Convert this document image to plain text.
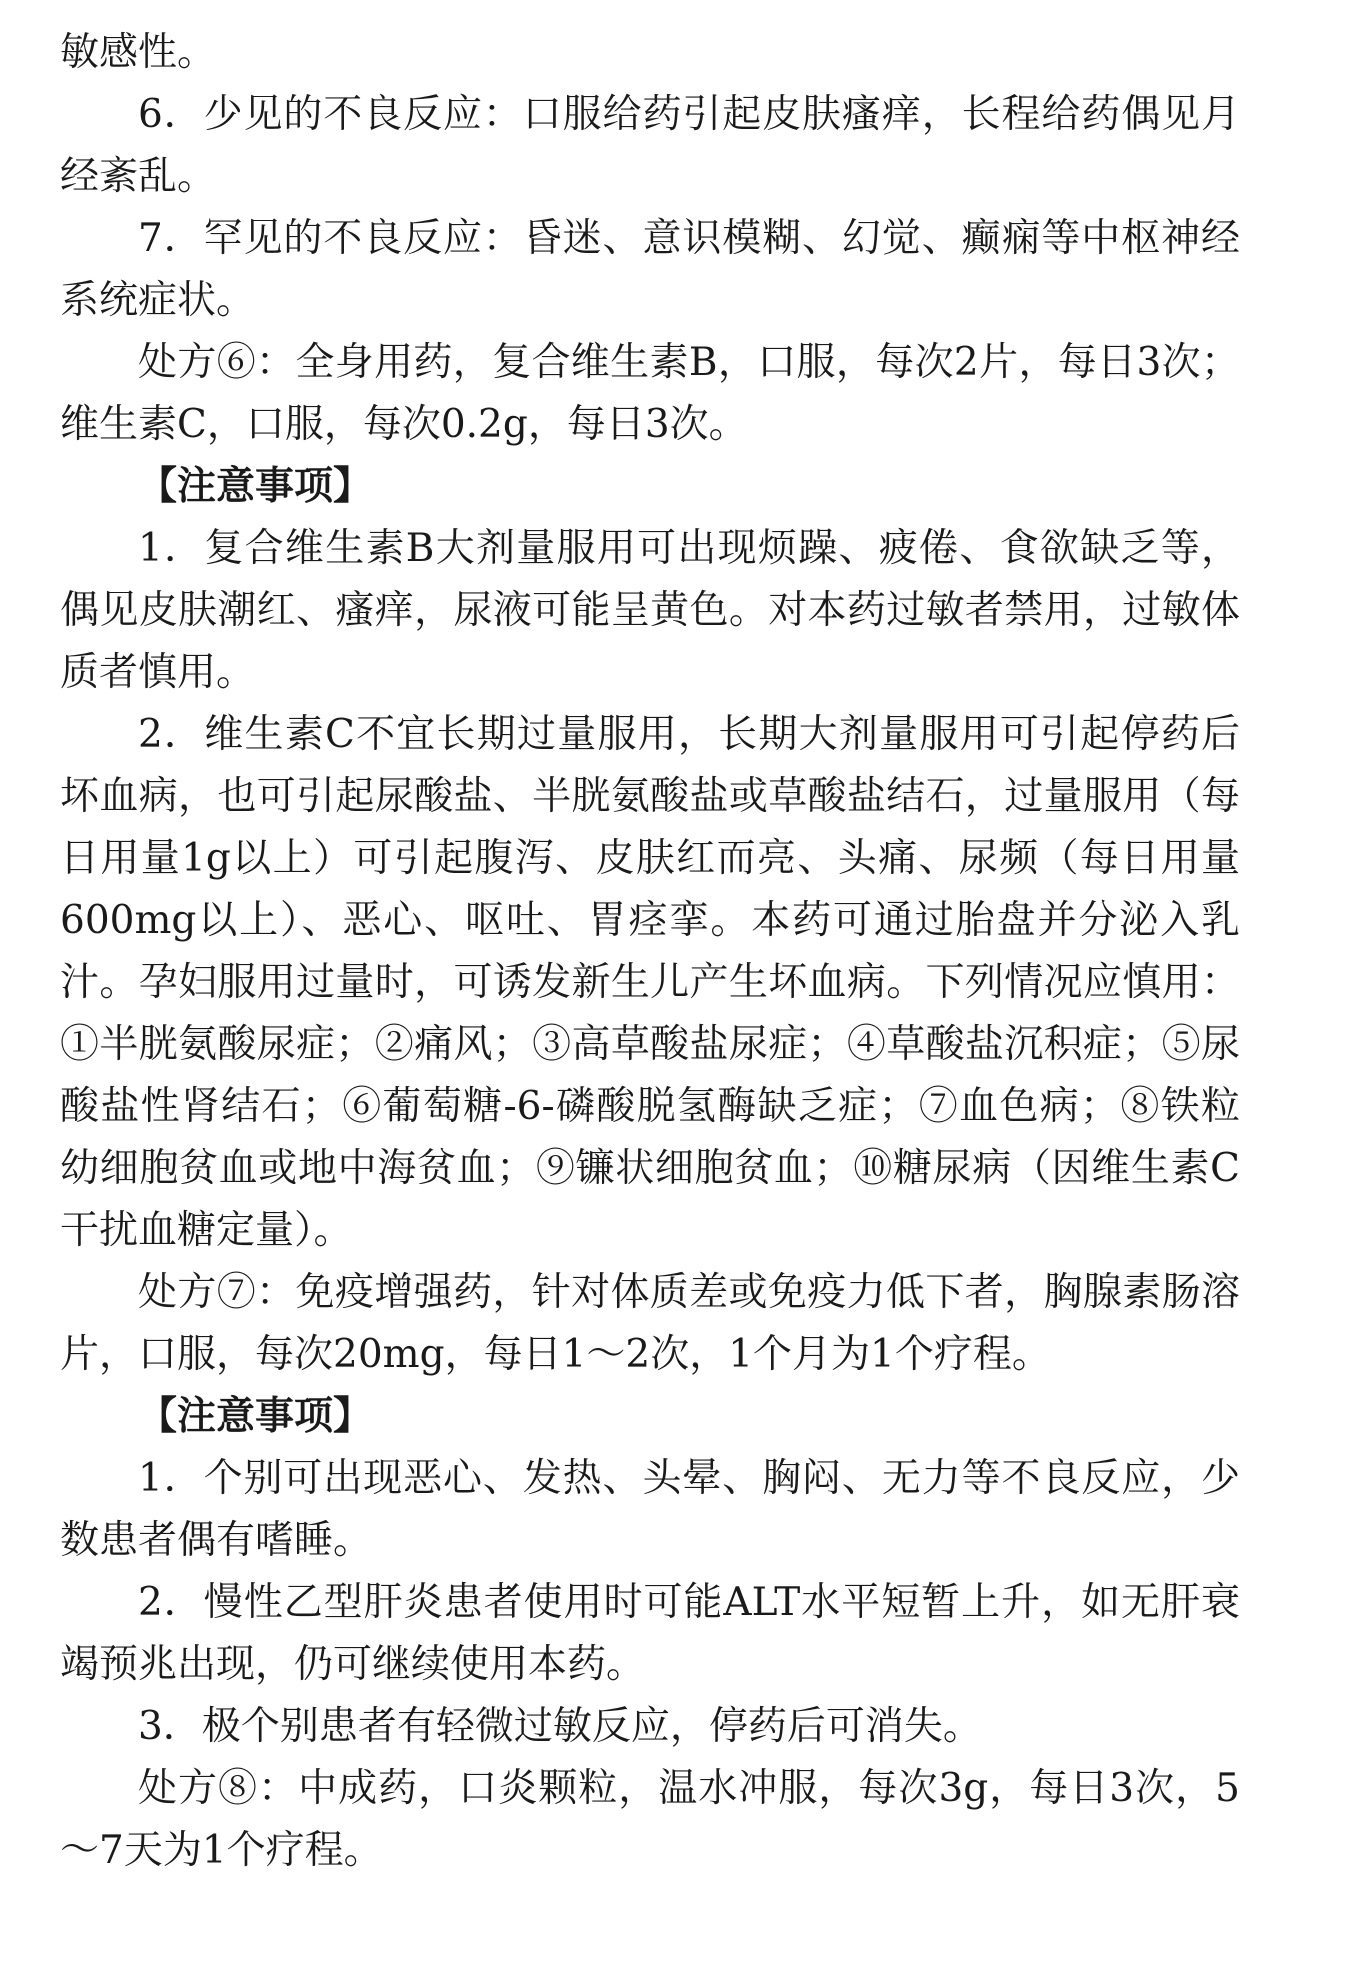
敏感性。

6．少见的不良反应：口服给药引起皮肤瘙痒，长程给药偶见月经紊乱。

7．罕见的不良反应：昏迷、意识模糊、幻觉、癫痫等中枢神经系统症状。

处方⑥：全身用药，复合维生素B，口服，每次2片，每日3次；维生素C，口服，每次0.2g，每日3次。

【注意事项】

1．复合维生素B大剂量服用可出现烦躁、疲倦、食欲缺乏等，偶见皮肤潮红、瘙痒，尿液可能呈黄色。对本药过敏者禁用，过敏体质者慎用。

2．维生素C不宜长期过量服用，长期大剂量服用可引起停药后坏血病，也可引起尿酸盐、半胱氨酸盐或草酸盐结石，过量服用（每日用量1g以上）可引起腹泻、皮肤红而亮、头痛、尿频（每日用量600mg以上）、恶心、呕吐、胃痉挛。本药可通过胎盘并分泌入乳汁。孕妇服用过量时，可诱发新生儿产生坏血病。下列情况应慎用：①半胱氨酸尿症；②痛风；③高草酸盐尿症；④草酸盐沉积症；⑤尿酸盐性肾结石；⑥葡萄糖-6-磷酸脱氢酶缺乏症；⑦血色病；⑧铁粒幼细胞贫血或地中海贫血；⑨镰状细胞贫血；⑩糖尿病（因维生素C干扰血糖定量）。

处方⑦：免疫增强药，针对体质差或免疫力低下者，胸腺素肠溶片，口服，每次20mg，每日1～2次，1个月为1个疗程。

【注意事项】

1．个别可出现恶心、发热、头晕、胸闷、无力等不良反应，少数患者偶有嗜睡。

2．慢性乙型肝炎患者使用时可能ALT水平短暂上升，如无肝衰竭预兆出现，仍可继续使用本药。

3．极个别患者有轻微过敏反应，停药后可消失。

处方⑧：中成药，口炎颗粒，温水冲服，每次3g，每日3次，5～7天为1个疗程。
